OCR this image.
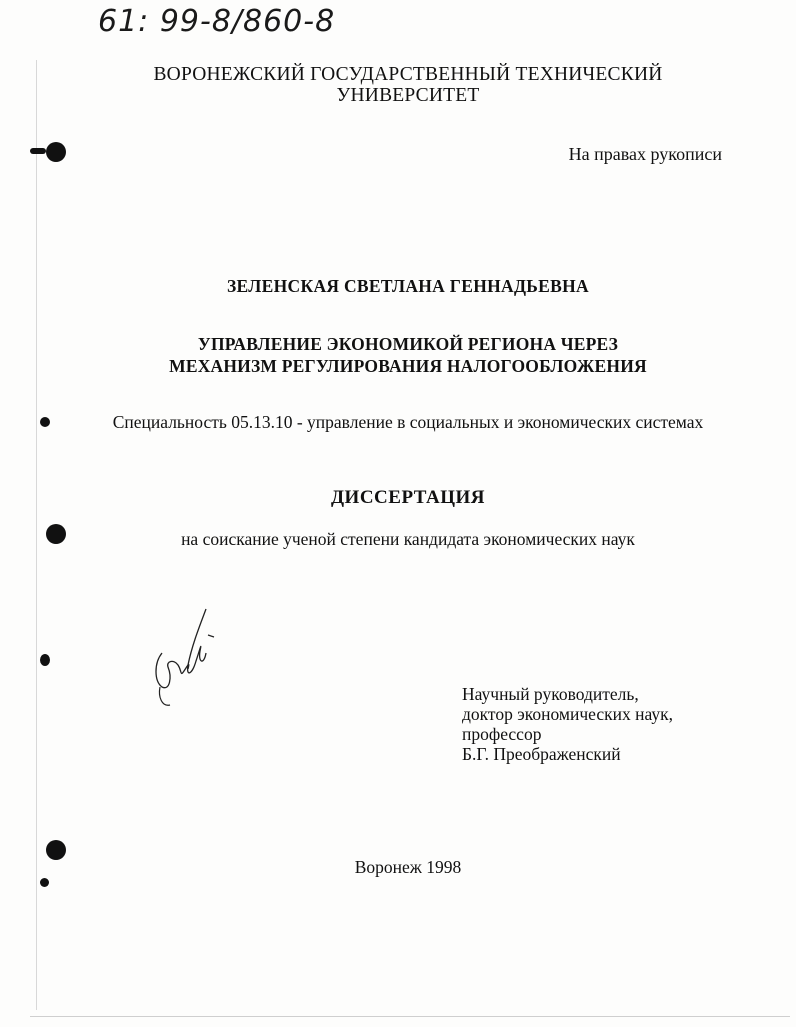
61: 99-8/860-8
ВОРОНЕЖСКИЙ ГОСУДАРСТВЕННЫЙ ТЕХНИЧЕСКИЙ
УНИВЕРСИТЕТ
На правах рукописи
ЗЕЛЕНСКАЯ СВЕТЛАНА ГЕННАДЬЕВНА
УПРАВЛЕНИЕ ЭКОНОМИКОЙ РЕГИОНА ЧЕРЕЗ
МЕХАНИЗМ РЕГУЛИРОВАНИЯ НАЛОГООБЛОЖЕНИЯ
Специальность 05.13.10 - управление в социальных и экономических системах
ДИССЕРТАЦИЯ
на соискание ученой степени кандидата экономических наук
Научный руководитель,
доктор экономических наук,
профессор
Б.Г. Преображенский
Воронеж 1998
